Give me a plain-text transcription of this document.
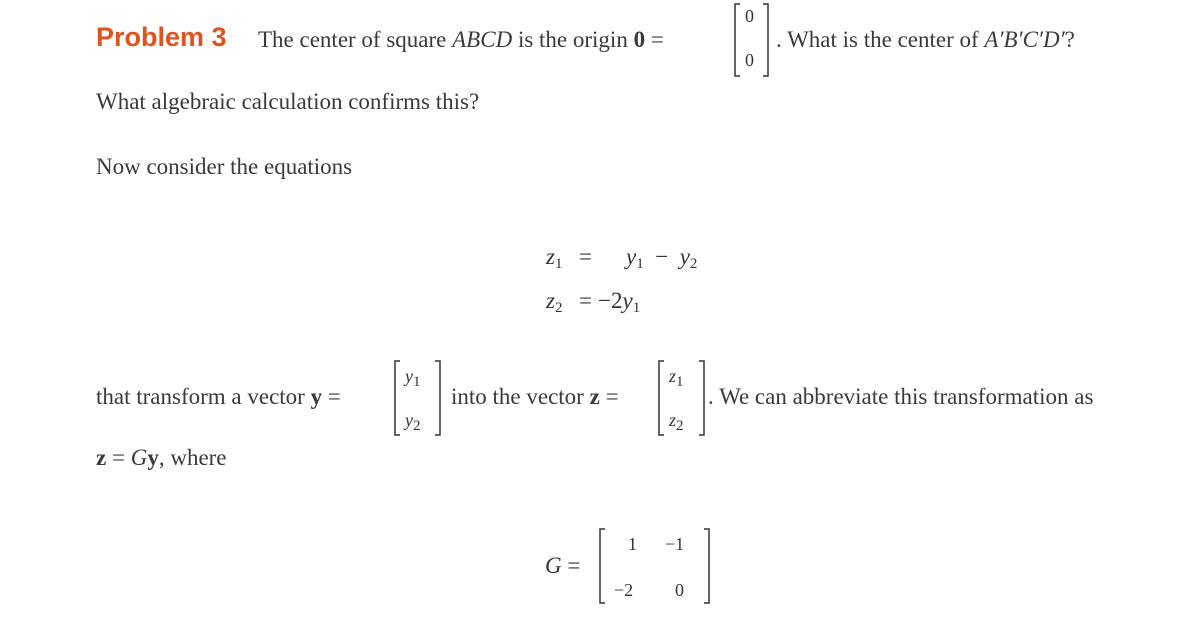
Problem 3 The center of square ABCD is the origin 0 =
0
0
. What is the center of A′B′C′D′?
What algebraic calculation confirms this?
Now consider the equations
$z_1 = y_1 - y_2$
$z_2 = -2y_1$
that transform a vector y =
$y_1$
$y_2$
into the vector z =
$z_1$
$z_2$
. We can abbreviate this transformation as
z = Gy, where
G =
1 −1
−2 0
